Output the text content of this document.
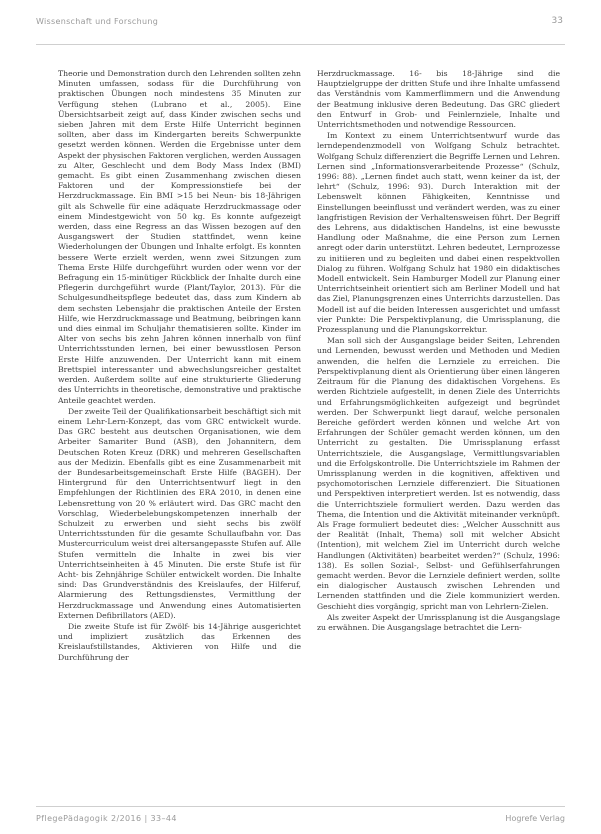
Wissenschaft und Forschung	33

Theorie und Demonstration durch den Lehrenden sollten zehn Minuten umfassen, sodass für die Durchführung von praktischen Übungen noch mindestens 35 Minuten zur Verfügung stehen (Lubrano et al., 2005). Eine Übersichtsarbeit zeigt auf, dass Kinder zwischen sechs und sieben Jahren mit dem Erste Hilfe Unterricht beginnen sollten, aber dass im Kindergarten bereits Schwerpunkte gesetzt werden können. Werden die Ergebnisse unter dem Aspekt der physischen Faktoren verglichen, werden Aussagen zu Alter, Geschlecht und dem Body Mass Index (BMI) gemacht. Es gibt einen Zusammenhang zwischen diesen Faktoren und der Kompressionstiefe bei der Herzdruckmassage. Ein BMI >15 bei Neun- bis 18-Jährigen gilt als Schwelle für eine adäquate Herzdruckmassage oder einem Mindestgewicht von 50 kg. Es konnte aufgezeigt werden, dass eine Regress an das Wissen bezogen auf den Ausgangswert der Studien stattfindet, wenn keine Wiederholungen der Übungen und Inhalte erfolgt. Es konnten bessere Werte erzielt werden, wenn zwei Sitzungen zum Thema Erste Hilfe durchgeführt wurden oder wenn vor der Befragung ein 15-minütiger Rückblick der Inhalte durch eine Pflegerin durchgeführt wurde (Plant/Taylor, 2013). Für die Schulgesundheitspflege bedeutet das, dass zum Kindern ab dem sechsten Lebensjahr die praktischen Anteile der Ersten Hilfe, wie Herzdruckmassage und Beatmung, beibringen kann und dies einmal im Schuljahr thematisieren sollte. Kinder im Alter von sechs bis zehn Jahren können innerhalb von fünf Unterrichtsstunden lernen, bei einer bewusstlosen Person Erste Hilfe anzuwenden. Der Unterricht kann mit einem Brettspiel interessanter und abwechslungsreicher gestaltet werden. Außerdem sollte auf eine strukturierte Gliederung des Unterrichts in theoretische, demonstrative und praktische Anteile geachtet werden.

Der zweite Teil der Qualifikationsarbeit beschäftigt sich mit einem Lehr-Lern-Konzept, das vom GRC entwickelt wurde. Das GRC besteht aus deutschen Organisationen, wie dem Arbeiter Samariter Bund (ASB), den Johannitern, dem Deutschen Roten Kreuz (DRK) und mehreren Gesellschaften aus der Medizin. Ebenfalls gibt es eine Zusammenarbeit mit der Bundesarbeitsgemeinschaft Erste Hilfe (BAGEH). Der Hintergrund für den Unterrichtsentwurf liegt in den Empfehlungen der Richtlinien des ERA 2010, in denen eine Lebensrettung von 20 % erläutert wird. Das GRC macht den Vorschlag, Wiederbelebungskompetenzen innerhalb der Schulzeit zu erwerben und sieht sechs bis zwölf Unterrichtsstunden für die gesamte Schullaufbahn vor. Das Mustercurriculum weist drei altersangepasste Stufen auf. Alle Stufen vermitteln die Inhalte in zwei bis vier Unterrichtseinheiten à 45 Minuten. Die erste Stufe ist für Acht- bis Zehnjährige Schüler entwickelt worden. Die Inhalte sind: Das Grundverständnis des Kreislaufes, der Hilferuf, Alarmierung des Rettungsdienstes, Vermittlung der Herzdruckmassage und Anwendung eines Automatisierten Externen Defibrillators (AED).

Die zweite Stufe ist für Zwölf- bis 14-Jährige ausgerichtet und impliziert zusätzlich das Erkennen des Kreislaufstillstandes, Aktivieren von Hilfe und die Durchführung der

Herzdruckmassage. 16- bis 18-Jährige sind die Hauptzielgruppe der dritten Stufe und ihre Inhalte umfassend das Verständnis vom Kammerflimmern und die Anwendung der Beatmung inklusive deren Bedeutung. Das GRC gliedert den Entwurf in Grob- und Feinlernziele, Inhalte und Unterrichtsmethoden und notwendige Ressourcen.

Im Kontext zu einem Unterrichtsentwurf wurde das lerndependenzmodell von Wolfgang Schulz betrachtet. Wolfgang Schulz differenziert die Begriffe Lernen und Lehren. Lernen sind „Informationsverarbeitende Prozesse“ (Schulz, 1996: 88). „Lernen findet auch statt, wenn keiner da ist, der lehrt“ (Schulz, 1996: 93). Durch Interaktion mit der Lebenswelt können Fähigkeiten, Kenntnisse und Einstellungen beeinflusst und verändert werden, was zu einer langfristigen Revision der Verhaltensweisen führt. Der Begriff des Lehrens, aus didaktischen Handelns, ist eine bewusste Handlung oder Maßnahme, die eine Person zum Lernen anregt oder darin unterstützt. Lehren bedeutet, Lernprozesse zu initiieren und zu begleiten und dabei einen respektvollen Dialog zu führen. Wolfgang Schulz hat 1980 ein didaktisches Modell entwickelt. Sein Hamburger Modell zur Planung einer Unterrichtseinheit orientiert sich am Berliner Modell und hat das Ziel, Planungsgrenzen eines Unterrichts darzustellen. Das Modell ist auf die beiden Interessen ausgerichtet und umfasst vier Punkte: Die Perspektivplanung, die Umrissplanung, die Prozessplanung und die Planungskorrektur.

Man soll sich der Ausgangslage beider Seiten, Lehrenden und Lernenden, bewusst werden und Methoden und Medien anwenden, die helfen die Lernziele zu erreichen. Die Perspektivplanung dient als Orientierung über einen längeren Zeitraum für die Planung des didaktischen Vorgehens. Es werden Richtziele aufgestellt, in denen Ziele des Unterrichts und Erfahrungsmöglichkeiten aufgezeigt und begründet werden. Der Schwerpunkt liegt darauf, welche personalen Bereiche gefördert werden können und welche Art von Erfahrungen der Schüler gemacht werden können, um den Unterricht zu gestalten. Die Umrissplanung erfasst Unterrichtsziele, die Ausgangslage, Vermittlungsvariablen und die Erfolgskontrolle. Die Unterrichtsziele im Rahmen der Umrissplanung werden in die kognitiven, affektiven und psychomotorischen Lernziele differenziert. Die Situationen und Perspektiven interpretiert werden. Ist es notwendig, dass die Unterrichtsziele formuliert werden. Dazu werden das Thema, die Intention und die Aktivität miteinander verknüpft. Als Frage formuliert bedeutet dies: „Welcher Ausschnitt aus der Realität (Inhalt, Thema) soll mit welcher Absicht (Intention), mit welchem Ziel im Unterricht durch welche Handlungen (Aktivitäten) bearbeitet werden?“ (Schulz, 1996: 138). Es sollen Sozial-, Selbst- und Gefühlserfahrungen gemacht werden. Bevor die Lernziele definiert werden, sollte ein dialogischer Austausch zwischen Lehrenden und Lernenden stattfinden und die Ziele kommuniziert werden. Geschieht dies vorgängig, spricht man von Lehrlern-Zielen.

Als zweiter Aspekt der Umrissplanung ist die Ausgangslage zu erwähnen. Die Ausgangslage betrachtet die Lern-

PflegePädagogik 2/2016 | 33–44	Hogrefe Verlag
